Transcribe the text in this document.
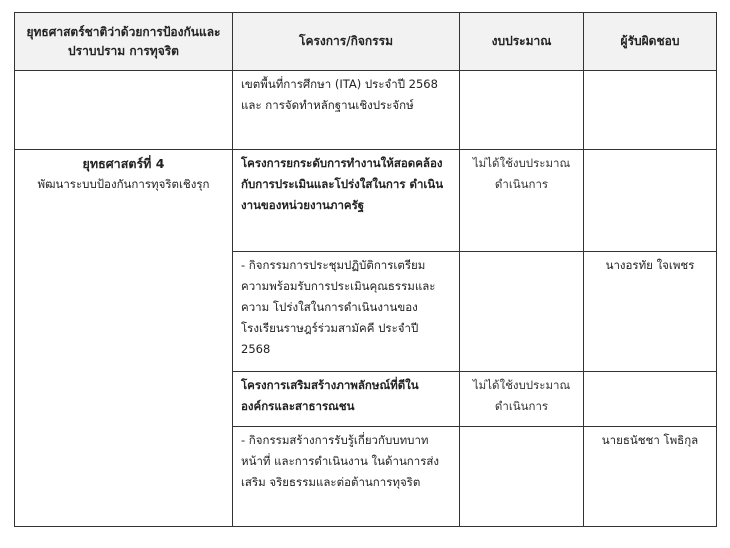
ยุทธศาสตร์ชาติว่าด้วยการป้องกันและปราบปราม การทุจริต	โครงการ/กิจกรรม	งบประมาณ	ผู้รับผิดชอบ
	เขตพื้นที่การศึกษา (ITA) ประจำปี 2568 และ การจัดทำหลักฐานเชิงประจักษ์		

ยุทธศาสตร์ที่ 4
พัฒนาระบบป้องกันการทุจริตเชิงรุก	โครงการยกระดับการทำงานให้สอดคล้องกับการประเมินและโปร่งใสในการ ดำเนินงานของหน่วยงานภาครัฐ	ไม่ได้ใช้งบประมาณดำเนินการ	
	- กิจกรรมการประชุมปฏิบัติการเตรียมความพร้อมรับการประเมินคุณธรรมและความ โปร่งใสในการดำเนินงานของโรงเรียนราษฎร์ร่วมสามัคคี ประจำปี 2568		นางอรทัย ใจเพชร
	โครงการเสริมสร้างภาพลักษณ์ที่ดีในองค์กรและสาธารณชน	ไม่ได้ใช้งบประมาณดำเนินการ	
	- กิจกรรมสร้างการรับรู้เกี่ยวกับบทบาทหน้าที่ และการดำเนินงาน ในด้านการส่งเสริม จริยธรรมและต่อต้านการทุจริต		นายธนัชชา โพธิกุล
